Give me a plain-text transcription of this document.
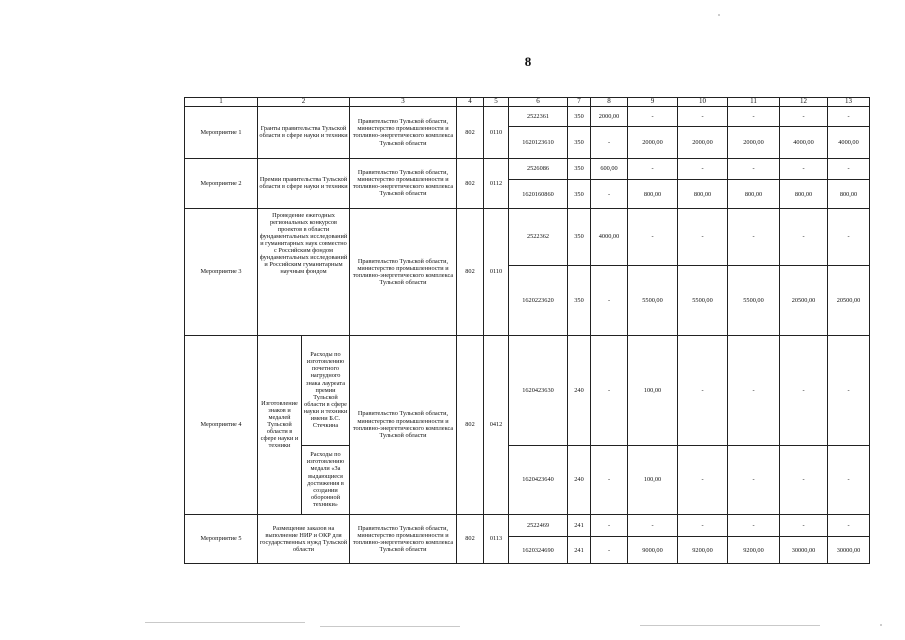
8
1	2		3	4	5	6	7	8	9	10	11	12	13
Мероприятие 1	Гранты правительства Тульской области в сфере науки и техники		Правительство Тульской области, министерство промышленности и топливно-энергетического комплекса Тульской области	802	0110	2522361	350	2000,00	-	-	-	-	-
						1620123610	350	-	2000,00	2000,00	2000,00	4000,00	4000,00
Мероприятие 2	Премии правительства Тульской области в сфере науки и техники		Правительство Тульской области, министерство промышленности и топливно-энергетического комплекса Тульской области	802	0112	2526086	350	600,00	-	-	-	-	-
						1620160860	350	-	800,00	800,00	800,00	800,00	800,00
Мероприятие 3	Проведение ежегодных региональных конкурсов проектов в области фундаментальных исследований и гуманитарных наук совместно с Российским фондом фундаментальных исследований и Российским гуманитарным научным фондом		Правительство Тульской области, министерство промышленности и топливно-энергетического комплекса Тульской области	802	0110	2522362	350	4000,00	-	-	-	-	-
						1620223620	350	-	5500,00	5500,00	5500,00	20500,00	20500,00
Мероприятие 4	Изготовление знаков и медалей Тульской области в сфере науки и техники	Расходы по изготовлению почетного нагрудного знака лауреата премии Тульской области в сфере науки и техники имени Б.С. Стечкина	Правительство Тульской области, министерство промышленности и топливно-энергетического комплекса Тульской области	802	0412	1620423630	240	-	100,00	-	-	-	-
		Расходы по изготовлению медали «За выдающиеся достижения в создании оборонной техники»				1620423640	240	-	100,00	-	-	-	-
Мероприятие 5	Размещение заказов на выполнение НИР и ОКР для государственных нужд Тульской области		Правительство Тульской области, министерство промышленности и топливно-энергетического комплекса Тульской области	802	0113	2522469	241	-	-	-	-	-	-
						1620324690	241	-	9000,00	9200,00	9200,00	30000,00	30000,00
